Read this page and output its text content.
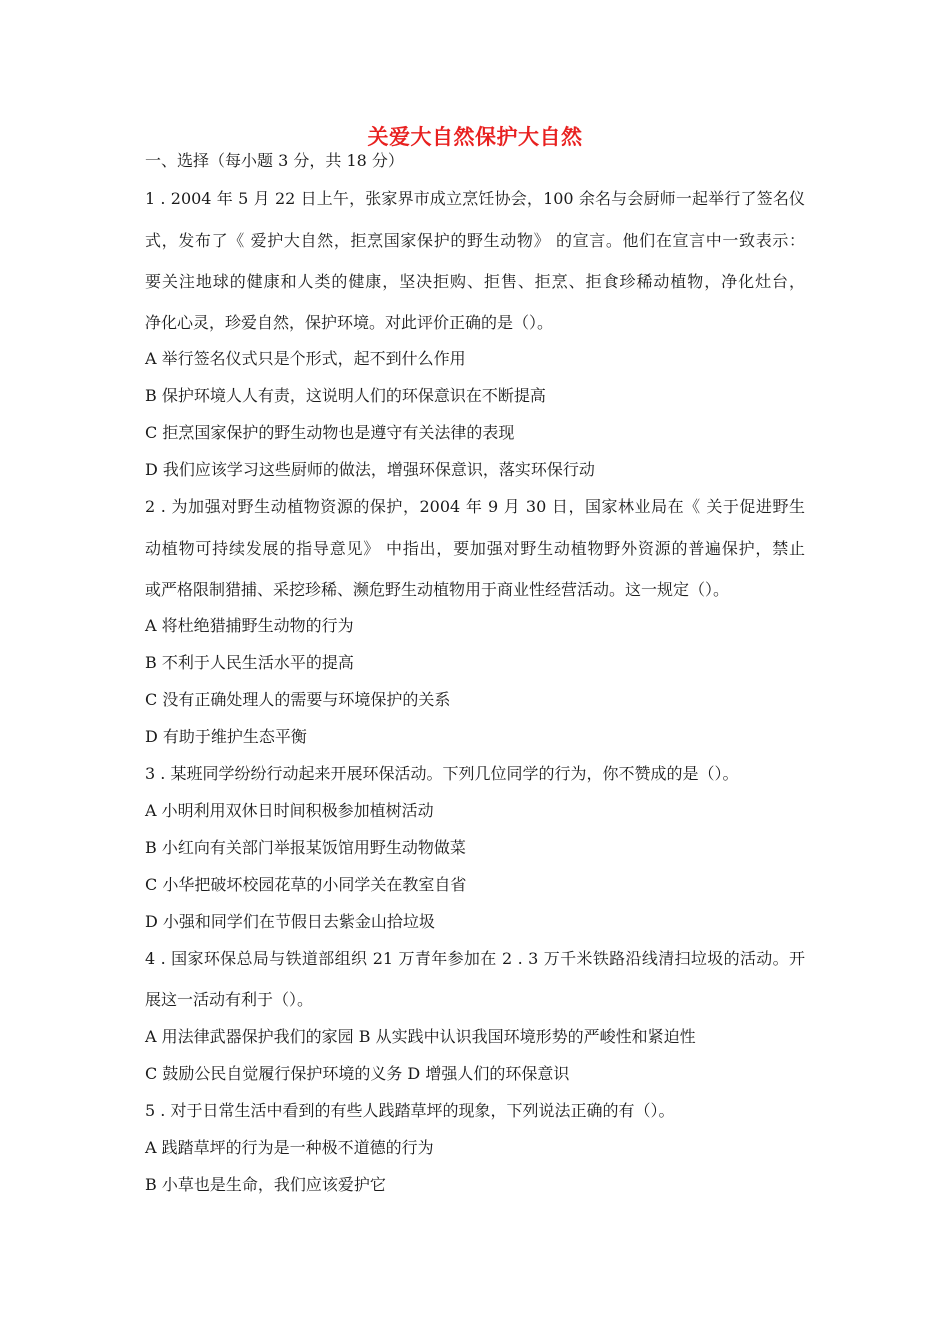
关爱大自然保护大自然
一、选择（每小题 3 分，共 18 分）
1 . 2004 年 5 月 22 日上午，张家界市成立烹饪协会，100 余名与会厨师一起举行了签名仪
式，发布了《 爱护大自然，拒烹国家保护的野生动物》 的宣言。他们在宣言中一致表示：
要关注地球的健康和人类的健康，坚决拒购、拒售、拒烹、拒食珍稀动植物，净化灶台，
净化心灵，珍爱自然，保护环境。对此评价正确的是（）。
A 举行签名仪式只是个形式，起不到什么作用
B 保护环境人人有责，这说明人们的环保意识在不断提高
C 拒烹国家保护的野生动物也是遵守有关法律的表现
D 我们应该学习这些厨师的做法，增强环保意识，落实环保行动
2 . 为加强对野生动植物资源的保护，2004 年 9 月 30 日，国家林业局在《 关于促进野生
动植物可持续发展的指导意见》 中指出，要加强对野生动植物野外资源的普遍保护，禁止
或严格限制猎捕、采挖珍稀、濒危野生动植物用于商业性经营活动。这一规定（）。
A 将杜绝猎捕野生动物的行为
B 不利于人民生活水平的提高
C 没有正确处理人的需要与环境保护的关系
D 有助于维护生态平衡
3 . 某班同学纷纷行动起来开展环保活动。下列几位同学的行为，你不赞成的是（）。
A 小明利用双休日时间积极参加植树活动
B 小红向有关部门举报某饭馆用野生动物做菜
C 小华把破坏校园花草的小同学关在教室自省
D 小强和同学们在节假日去紫金山拾垃圾
4 . 国家环保总局与铁道部组织 21 万青年参加在 2 . 3 万千米铁路沿线清扫垃圾的活动。开
展这一活动有利于（）。
A 用法律武器保护我们的家园 B 从实践中认识我国环境形势的严峻性和紧迫性
C 鼓励公民自觉履行保护环境的义务 D 增强人们的环保意识
5 . 对于日常生活中看到的有些人践踏草坪的现象，下列说法正确的有（）。
A 践踏草坪的行为是一种极不道德的行为
B 小草也是生命，我们应该爱护它
